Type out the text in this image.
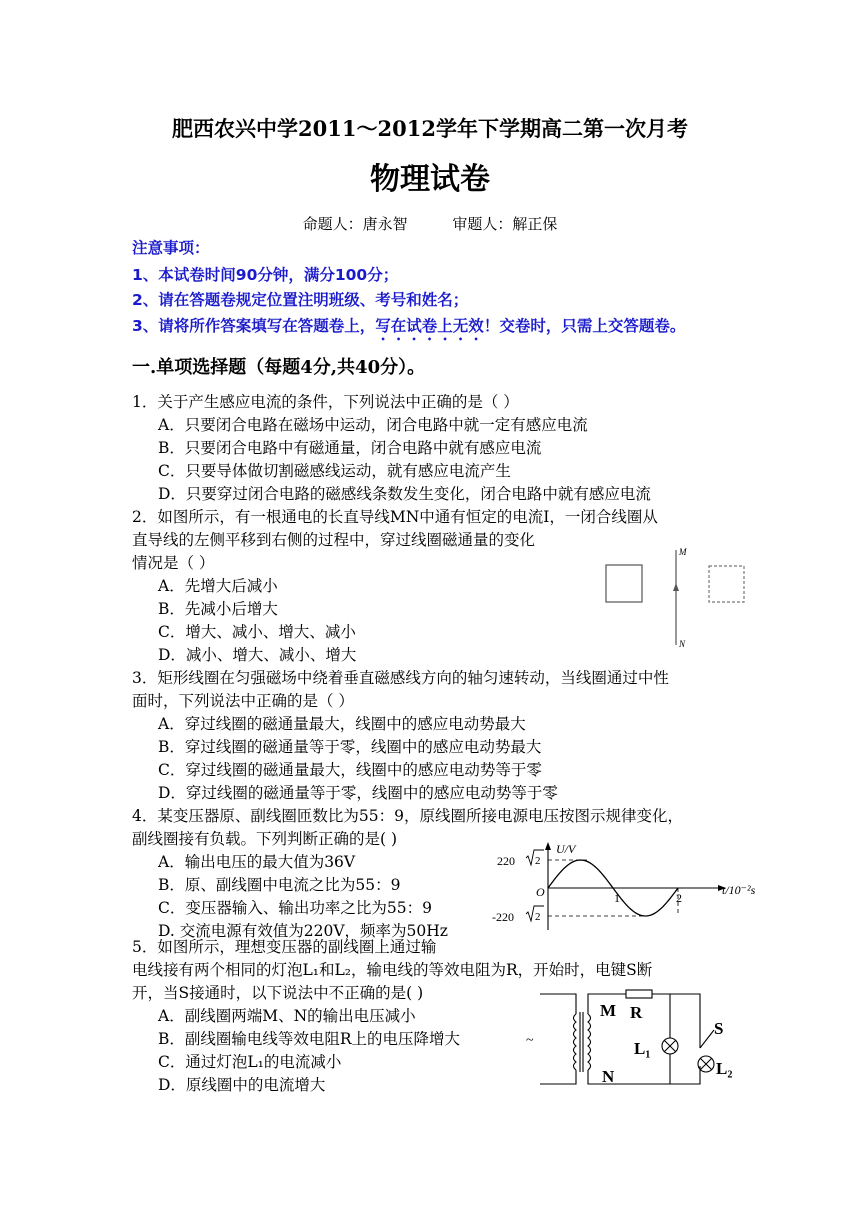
肥西农兴中学2011～2012学年下学期高二第一次月考
物理试卷
命题人：唐永智	审题人：解正保
注意事项：
1、本试卷时间90分钟，满分100分；
2、请在答题卷规定位置注明班级、考号和姓名；
3、请将所作答案填写在答题卷上，写在试卷上无效！交卷时，只需上交答题卷。
一.单项选择题（每题4分,共40分）。
1．关于产生感应电流的条件，下列说法中正确的是（ ）
A．只要闭合电路在磁场中运动，闭合电路中就一定有感应电流
B．只要闭合电路中有磁通量，闭合电路中就有感应电流
C．只要导体做切割磁感线运动，就有感应电流产生
D．只要穿过闭合电路的磁感线条数发生变化，闭合电路中就有感应电流
2．如图所示，有一根通电的长直导线MN中通有恒定的电流I，一闭合线圈从
直导线的左侧平移到右侧的过程中，穿过线圈磁通量的变化
情况是（ ）
A．先增大后减小
B．先减小后增大
C．增大、减小、增大、减小
D．减小、增大、减小、增大
M
N
3．矩形线圈在匀强磁场中绕着垂直磁感线方向的轴匀速转动，当线圈通过中性
面时，下列说法中正确的是（ ）
A．穿过线圈的磁通量最大，线圈中的感应电动势最大
B．穿过线圈的磁通量等于零，线圈中的感应电动势最大
C．穿过线圈的磁通量最大，线圈中的感应电动势等于零
D．穿过线圈的磁通量等于零，线圈中的感应电动势等于零
4．某变压器原、副线圈匝数比为55：9，原线圈所接电源电压按图示规律变化，
副线圈接有负载。下列判断正确的是( )
A．输出电压的最大值为36V
B．原、副线圈中电流之比为55：9
C．变压器输入、输出功率之比为55：9
D. 交流电源有效值为220V，频率为50Hz
U/V
t/10⁻²s
O
220
-220
2
2
1	2
5．如图所示，理想变压器的副线圈上通过输
电线接有两个相同的灯泡L₁和L₂，输电线的等效电阻为R，开始时，电键S断
开，当S接通时，以下说法中不正确的是( )
A．副线圈两端M、N的输出电压减小
B．副线圈输电线等效电阻R上的电压降增大
C．通过灯泡L₁的电流减小
D．原线圈中的电流增大
~
M
N
R
S
L₁
L₂
